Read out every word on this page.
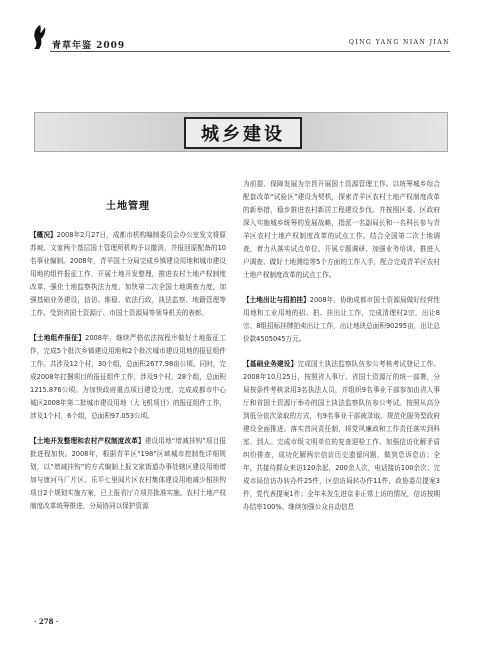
青草年鉴 2009	QING YANG NIAN JIAN
城乡建设
土地管理

【概况】2008年2月27日，成都市机构编制委员会办公室发文将原苏坡、文家两个基层国土管理所机构予以撤消，并报回原配备的10名事业编制。2008年，青羊国土分局完成乡镇建设用地和城市建设用地的组件报征工作，开展土地开发整理，推进农村土地产权制度改革，强化土地监察执法力度，加快第二次全国土地调查力度，加强基础业务建设，信访、维稳、依法行政，执法监察、地籍管理等工作。受到省国土资源厅、市国土资源局等领导机关的表彰。

【土地组件报征】2008年，继续严格依法按程序做好土地报征工作，完成5个批次乡镇建设用地和2个批次城市建设用地的报征组件工作。共涉及12个村，30个组，总面积2677.98亩公顷。同时，完成2008年打捆项目的报征组件工作，涉及9个村，28个组，总面积1215.876公顷。为加快政府重点项目建设力度，完成成都市中心城区2008年第二批城市建设用地（大飞机项目）的报征组件工作，涉及1个村，6个组，总面积97.053公顷。

【土地开发整理和农村产权制度改革】建设用地“增减挂钩”项目报批进程加快。2008年，根据青羊区“198”区域城市控制性详细规划，以“增减挂钩”的方式编制上报文家街道办事处辖区建设用地增加与康河马厂片区、乐平七里闾片区农村集体建设用地减少相挂钩项目2个规划实施方案，已上报省厅立项并批准实施。农村土地产权制度改革统筹推进，分局协同以保护资源

为前提、保障发展为宗旨开展国土资源管理工作。以统筹城乡综合配套改革“试验区”建设为契机，探索青羊区农村土地产权制度改革的新举措，稳步推进农村新居工程建设步伐。并按照区委、区政府深入实施城乡统筹的发展战略，指派一名副局长和一名科长参与青羊区农村土地产权制度改革的试点工作。结合全国第二次土地调查，着力从落实试点单位、开展专题调研、加强业务培训、推进入户调查、做好土地测绘等5个方面的工作入手，配合完成青羊区农村土地产权制度改革的试点工作。

【土地出让与招拍挂】2008年，协助成都市国土资源局做好经营性用地和工业用地的招、拍、挂出让工作，完成清理村2宗，出让8宗、8组招标挂牌拍卖出让工作，出让地块总面积90295亩，出让总价款4505045万元。

【基础业务建设】完成国土执法监察队伍参公考核考试登记工作。2008年10月25日，按照省人事厅、省国土资源厅的统一部署，分局按条件考核录用3名执法人员，并组织9名事业干部参加由省人事厅和省国土资源厅举办的国土执法监察队伍参公考试。按照从高分到低分依次录取的方式，有9名事业干部被录取。规范化服务型政府建设全面推进。落实首问责任制，将党风廉政和工作责任落实到科室、到人。完成市级文明单位的复查迎检工作。加强信访化解矛盾纠纷排查，成功化解两宗信访历史遗留问题，做到息诉息访；全年，共接待群众来访120余起，200余人次，电话接访100余次；完成市局信访办转办件25件，区信访局转办件11件，政协委员提案3件，党代表提案1件；全年未发生进京非正常上访的情况，信访按期办结率100%。继续加强公众自动信息

· 278 ·
